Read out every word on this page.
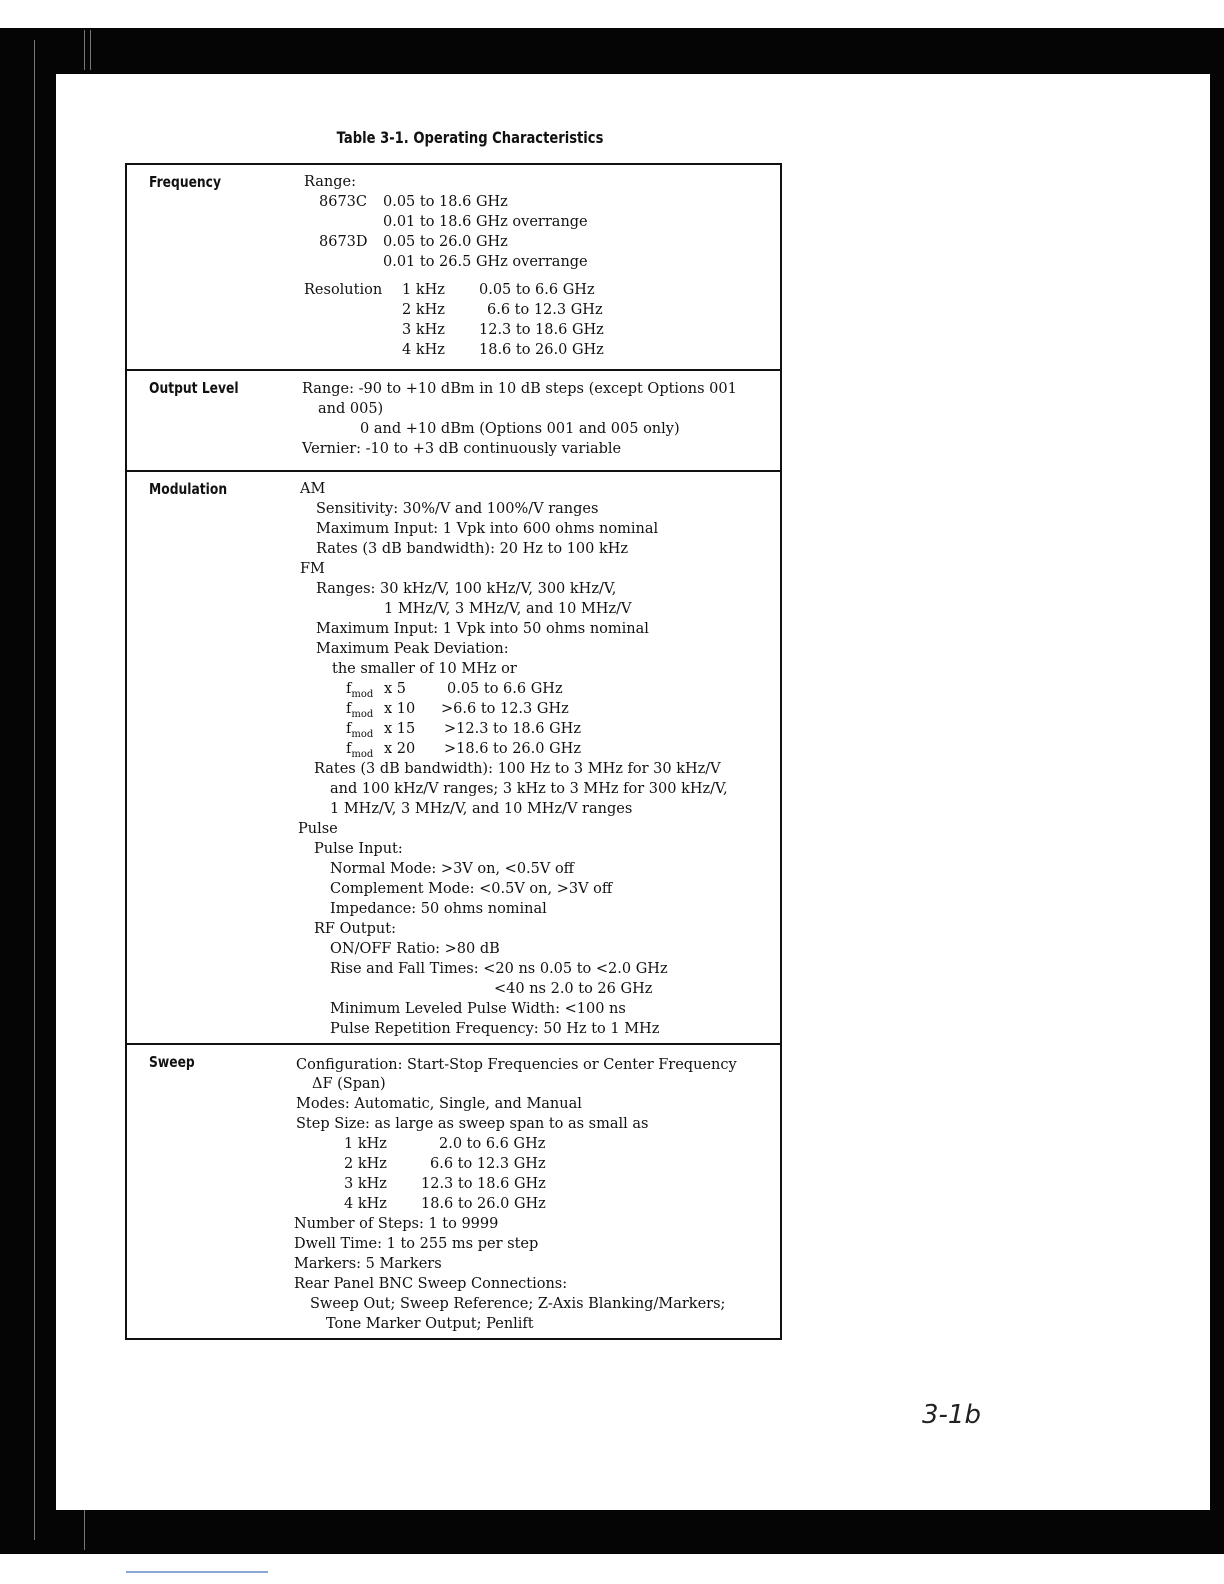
Table 3-1. Operating Characteristics
Frequency	Range:
8673C 0.05 to 18.6 GHz
0.01 to 18.6 GHz overrange
8673D 0.05 to 26.0 GHz
0.01 to 26.5 GHz overrange
Resolution 1 kHz 0.05 to 6.6 GHz
2 kHz	6.6 to 12.3 GHz
3 kHz 12.3 to 18.6 GHz
4 kHz 18.6 to 26.0 GHz
Output Level	Range: -90 to +10 dBm in 10 dB steps (except Options 001
and 005)
0 and +10 dBm (Options 001 and 005 only)
Vernier: -10 to +3 dB continuously variable
Modulation	AM
Sensitivity: 30%/V and 100%/V ranges
Maximum Input: 1 Vpk into 600 ohms nominal
Rates (3 dB bandwidth): 20 Hz to 100 kHz
FM
Ranges: 30 kHz/V, 100 kHz/V, 300 kHz/V,
1 MHz/V, 3 MHz/V, and 10 MHz/V
Maximum Input: 1 Vpk into 50 ohms nominal
Maximum Peak Deviation:
the smaller of 10 MHz or
$f_{mod}$ x 5	0.05 to 6.6 GHz
$f_{mod}$ x 10 >6.6 to 12.3 GHz
$f_{mod}$ x 15 >12.3 to 18.6 GHz
$f_{mod}$ x 20 >18.6 to 26.0 GHz
Rates (3 dB bandwidth): 100 Hz to 3 MHz for 30 kHz/V
and 100 kHz/V ranges; 3 kHz to 3 MHz for 300 kHz/V,
1 MHz/V, 3 MHz/V, and 10 MHz/V ranges
Pulse
Pulse Input:
Normal Mode: >3V on, <0.5V off
Complement Mode: <0.5V on, >3V off
Impedance: 50 ohms nominal
RF Output:
ON/OFF Ratio: >80 dB
Rise and Fall Times: <20 ns 0.05 to <2.0 GHz
<40 ns 2.0 to 26 GHz
Minimum Leveled Pulse Width: <100 ns
Pulse Repetition Frequency: 50 Hz to 1 MHz
Sweep	Configuration: Start-Stop Frequencies or Center Frequency
ΔF (Span)
Modes: Automatic, Single, and Manual
Step Size: as large as sweep span to as small as
1 kHz	2.0 to 6.6 GHz
2 kHz	6.6 to 12.3 GHz
3 kHz 12.3 to 18.6 GHz
4 kHz 18.6 to 26.0 GHz
Number of Steps: 1 to 9999
Dwell Time: 1 to 255 ms per step
Markers: 5 Markers
Rear Panel BNC Sweep Connections:
Sweep Out; Sweep Reference; Z-Axis Blanking/Markers;
Tone Marker Output; Penlift
3-1b
